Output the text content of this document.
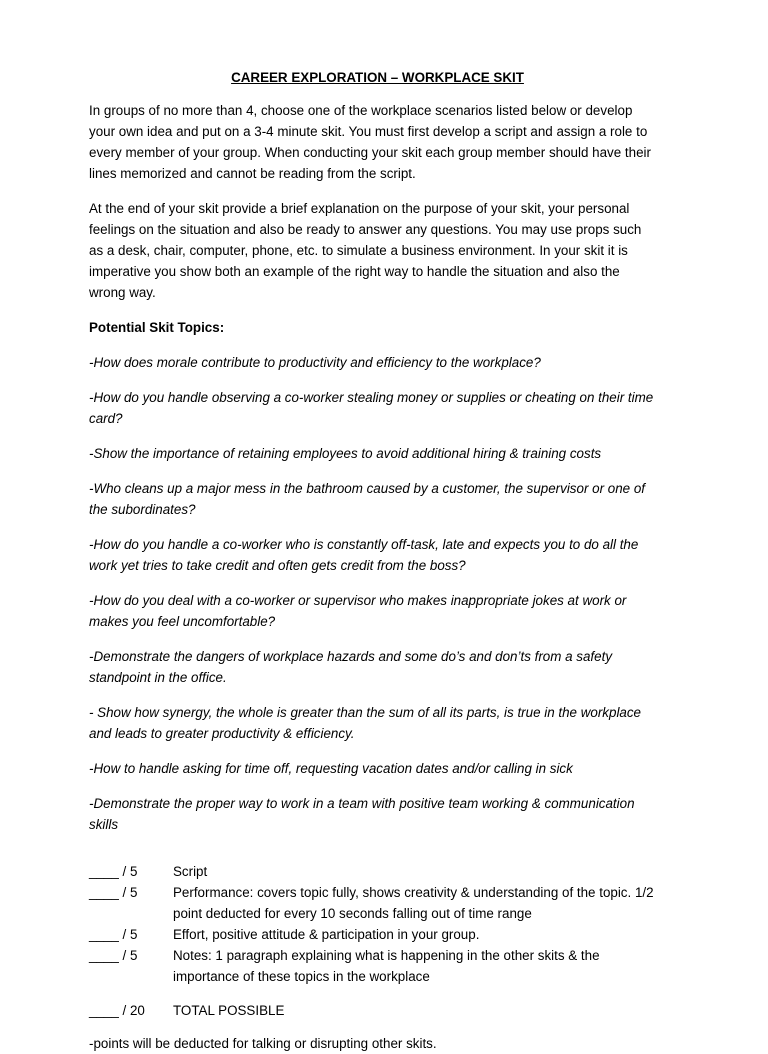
CAREER EXPLORATION – WORKPLACE SKIT

In groups of no more than 4, choose one of the workplace scenarios listed below or develop your own idea and put on a 3-4 minute skit. You must first develop a script and assign a role to every member of your group. When conducting your skit each group member should have their lines memorized and cannot be reading from the script.

At the end of your skit provide a brief explanation on the purpose of your skit, your personal feelings on the situation and also be ready to answer any questions. You may use props such as a desk, chair, computer, phone, etc. to simulate a business environment. In your skit it is imperative you show both an example of the right way to handle the situation and also the wrong way.

Potential Skit Topics:
-How does morale contribute to productivity and efficiency to the workplace?
-How do you handle observing a co-worker stealing money or supplies or cheating on their time card?
-Show the importance of retaining employees to avoid additional hiring & training costs
-Who cleans up a major mess in the bathroom caused by a customer, the supervisor or one of the subordinates?
-How do you handle a co-worker who is constantly off-task, late and expects you to do all the work yet tries to take credit and often gets credit from the boss?
-How do you deal with a co-worker or supervisor who makes inappropriate jokes at work or makes you feel uncomfortable?
-Demonstrate the dangers of workplace hazards and some do’s and don’ts from a safety standpoint in the office.
- Show how synergy, the whole is greater than the sum of all its parts, is true in the workplace and leads to greater productivity & efficiency.
-How to handle asking for time off, requesting vacation dates and/or calling in sick
-Demonstrate the proper way to work in a team with positive team working & communication skills
____ / 5	Script
____ / 5	Performance: covers topic fully, shows creativity & understanding of the topic. 1/2 point deducted for every 10 seconds falling out of time range
____ / 5	Effort, positive attitude & participation in your group.
____ / 5	Notes: 1 paragraph explaining what is happening in the other skits & the importance of these topics in the workplace
____ / 20	TOTAL POSSIBLE
-points will be deducted for talking or disrupting other skits.
